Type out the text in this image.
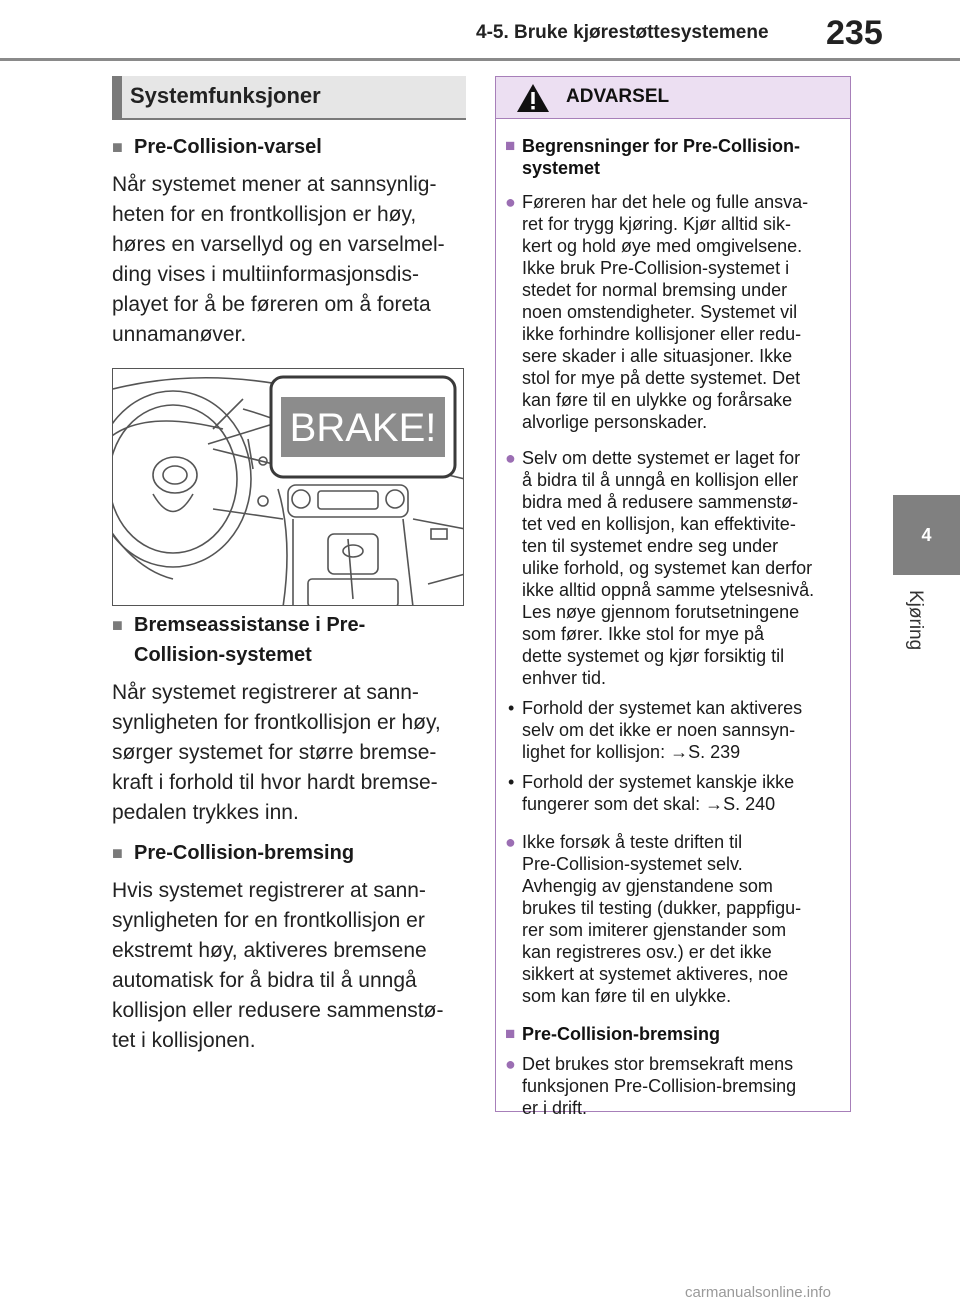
4-5. Bruke kjørestøttesystemene 235
4
Kjøring
Systemfunksjoner
■ Pre-Collision-varsel
Når systemet mener at sannsynlig-
heten for en frontkollisjon er høy,
høres en varsellyd og en varselmel-
ding vises i multiinformasjonsdis-
playet for å be føreren om å foreta
unnamanøver.
BRAKE!
■ Bremseassistanse i Pre-
Collision-systemet
Når systemet registrerer at sann-
synligheten for frontkollisjon er høy,
sørger systemet for større bremse-
kraft i forhold til hvor hardt bremse-
pedalen trykkes inn.
■ Pre-Collision-bremsing
Hvis systemet registrerer at sann-
synligheten for en frontkollisjon er
ekstremt høy, aktiveres bremsene
automatisk for å bidra til å unngå
kollisjon eller redusere sammenstø-
tet i kollisjonen.
ADVARSEL
■ Begrensninger for Pre-Collision-
systemet
● Føreren har det hele og fulle ansva-
ret for trygg kjøring. Kjør alltid sik-
kert og hold øye med omgivelsene.
Ikke bruk Pre-Collision-systemet i
stedet for normal bremsing under
noen omstendigheter. Systemet vil
ikke forhindre kollisjoner eller redu-
sere skader i alle situasjoner. Ikke
stol for mye på dette systemet. Det
kan føre til en ulykke og forårsake
alvorlige personskader.
● Selv om dette systemet er laget for
å bidra til å unngå en kollisjon eller
bidra med å redusere sammenstø-
tet ved en kollisjon, kan effektivite-
ten til systemet endre seg under
ulike forhold, og systemet kan derfor
ikke alltid oppnå samme ytelsesnivå.
Les nøye gjennom forutsetningene
som fører. Ikke stol for mye på
dette systemet og kjør forsiktig til
enhver tid.
• Forhold der systemet kan aktiveres
selv om det ikke er noen sannsyn-
lighet for kollisjon: →S. 239
• Forhold der systemet kanskje ikke
fungerer som det skal: →S. 240
● Ikke forsøk å teste driften til
Pre-Collision-systemet selv.
Avhengig av gjenstandene som
brukes til testing (dukker, pappfigu-
rer som imiterer gjenstander som
kan registreres osv.) er det ikke
sikkert at systemet aktiveres, noe
som kan føre til en ulykke.
■ Pre-Collision-bremsing
● Det brukes stor bremsekraft mens
funksjonen Pre-Collision-bremsing
er i drift.
carmanualsonline.info
